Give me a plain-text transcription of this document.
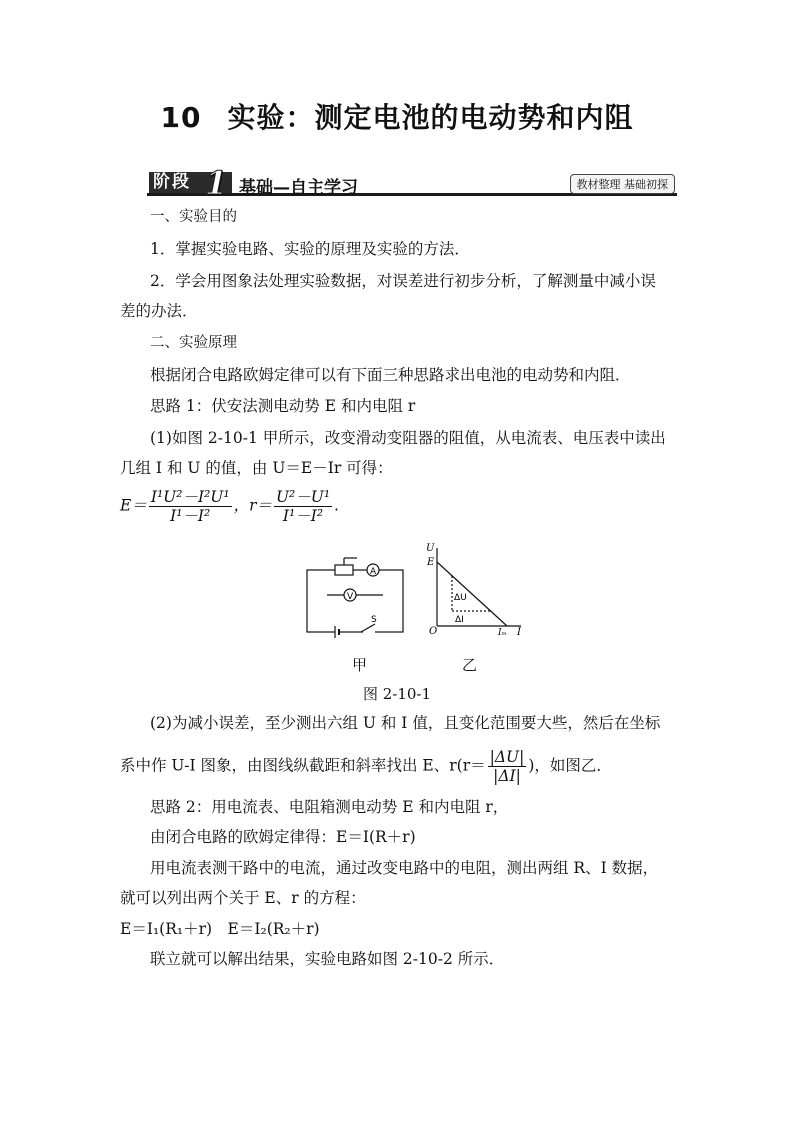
10 实验：测定电池的电动势和内阻
阶段 1 基础—自主学习	教材整理 基础初探
一、实验目的
1．掌握实验电路、实验的原理及实验的方法．
2．学会用图象法处理实验数据，对误差进行初步分析，了解测量中减小误
差的办法．
二、实验原理
根据闭合电路欧姆定律可以有下面三种思路求出电池的电动势和内阻．
思路 1：伏安法测电动势 E 和内电阻 r
(1)如图 2-10-1 甲所示，改变滑动变阻器的阻值，从电流表、电压表中读出
几组 I 和 U 的值，由 U＝E－Ir 可得：
$E= \frac{\text{I¹U²－I²U¹}}{\text{I¹－I²}}$ ，$r= \frac{\text{U²－U¹}}{\text{I¹－I²}}$ .
A
V
S
U
E
O	I
ΔU
ΔI
Iₘ
甲	乙
图 2-10-1
(2)为减小误差，至少测出六组 U 和 I 值，且变化范围要大些，然后在坐标
系中作 U-I 图象，由图线纵截距和斜率找出 E、$r(r= \frac{|\Delta U|}{|\Delta I|}$ )，如图乙．
思路 2：用电流表、电阻箱测电动势 E 和内电阻 r，
由闭合电路的欧姆定律得：E＝I(R＋r)
用电流表测干路中的电流，通过改变电路中的电阻，测出两组 R、I 数据，
就可以列出两个关于 E、r 的方程：
E＝I₁(R₁＋r)　E＝I₂(R₂＋r)
联立就可以解出结果，实验电路如图 2-10-2 所示．
